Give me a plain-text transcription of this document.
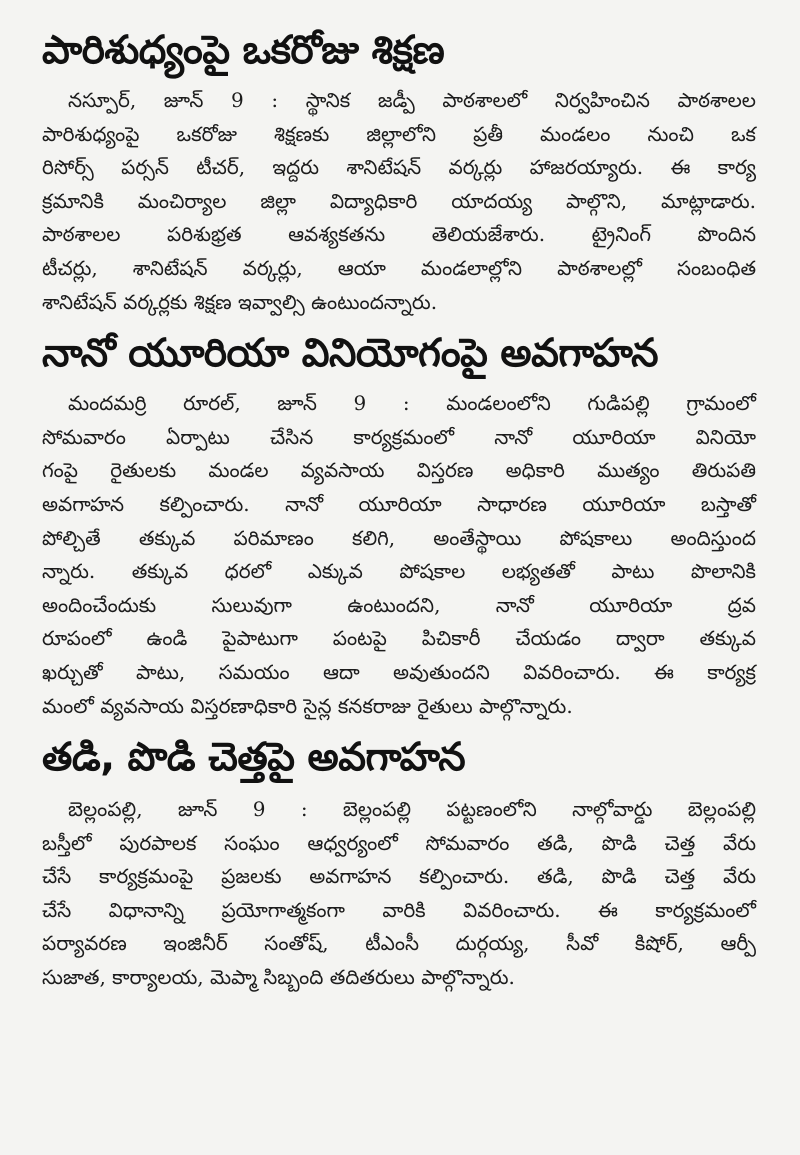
పారిశుధ్యంపై ఒకరోజు శిక్షణ
నస్పూర్, జూన్ 9 : స్థానిక జడ్పీ పాఠశాలలో నిర్వహించిన పాఠశాలల
పారిశుధ్యంపై ఒకరోజు శిక్షణకు జిల్లాలోని ప్రతీ మండలం నుంచి ఒక
రిసోర్స్ పర్సన్ టీచర్, ఇద్దరు శానిటేషన్ వర్కర్లు హాజరయ్యారు. ఈ కార్య
క్రమానికి మంచిర్యాల జిల్లా విద్యాధికారి యాదయ్య పాల్గొని, మాట్లాడారు.
పాఠశాలల పరిశుభ్రత ఆవశ్యకతను తెలియజేశారు. ట్రైనింగ్ పొందిన
టీచర్లు, శానిటేషన్ వర్కర్లు, ఆయా మండలాల్లోని పాఠశాలల్లో సంబంధిత
శానిటేషన్ వర్కర్లకు శిక్షణ ఇవ్వాల్సి ఉంటుందన్నారు.
నానో యూరియా వినియోగంపై అవగాహన
మందమర్రి రూరల్, జూన్ 9 : మండలంలోని గుడిపల్లి గ్రామంలో
సోమవారం ఏర్పాటు చేసిన కార్యక్రమంలో నానో యూరియా వినియో
గంపై రైతులకు మండల వ్యవసాయ విస్తరణ అధికారి ముత్యం తిరుపతి
అవగాహన కల్పించారు. నానో యూరియా సాధారణ యూరియా బస్తాతో
పోల్చితే తక్కువ పరిమాణం కలిగి, అంతేస్థాయి పోషకాలు అందిస్తుంద
న్నారు. తక్కువ ధరలో ఎక్కువ పోషకాల లభ్యతతో పాటు పొలానికి
అందించేందుకు సులువుగా ఉంటుందని, నానో యూరియా ద్రవ
రూపంలో ఉండి పైపాటుగా పంటపై పిచికారీ చేయడం ద్వారా తక్కువ
ఖర్చుతో పాటు, సమయం ఆదా అవుతుందని వివరించారు. ఈ కార్యక్ర
మంలో వ్యవసాయ విస్తరణాధికారి సైన్ల కనకరాజు రైతులు పాల్గొన్నారు.
తడి, పొడి చెత్తపై అవగాహన
బెల్లంపల్లి, జూన్ 9 : బెల్లంపల్లి పట్టణంలోని నాల్గోవార్డు బెల్లంపల్లి
బస్తీలో పురపాలక సంఘం ఆధ్వర్యంలో సోమవారం తడి, పొడి చెత్త వేరు
చేసే కార్యక్రమంపై ప్రజలకు అవగాహన కల్పించారు. తడి, పొడి చెత్త వేరు
చేసే విధానాన్ని ప్రయోగాత్మకంగా వారికి వివరించారు. ఈ కార్యక్రమంలో
పర్యావరణ ఇంజినీర్ సంతోష్, టీఎంసీ దుర్గయ్య, సీవో కిషోర్, ఆర్పీ
సుజాత, కార్యాలయ, మెప్మా సిబ్బంది తదితరులు పాల్గొన్నారు.
